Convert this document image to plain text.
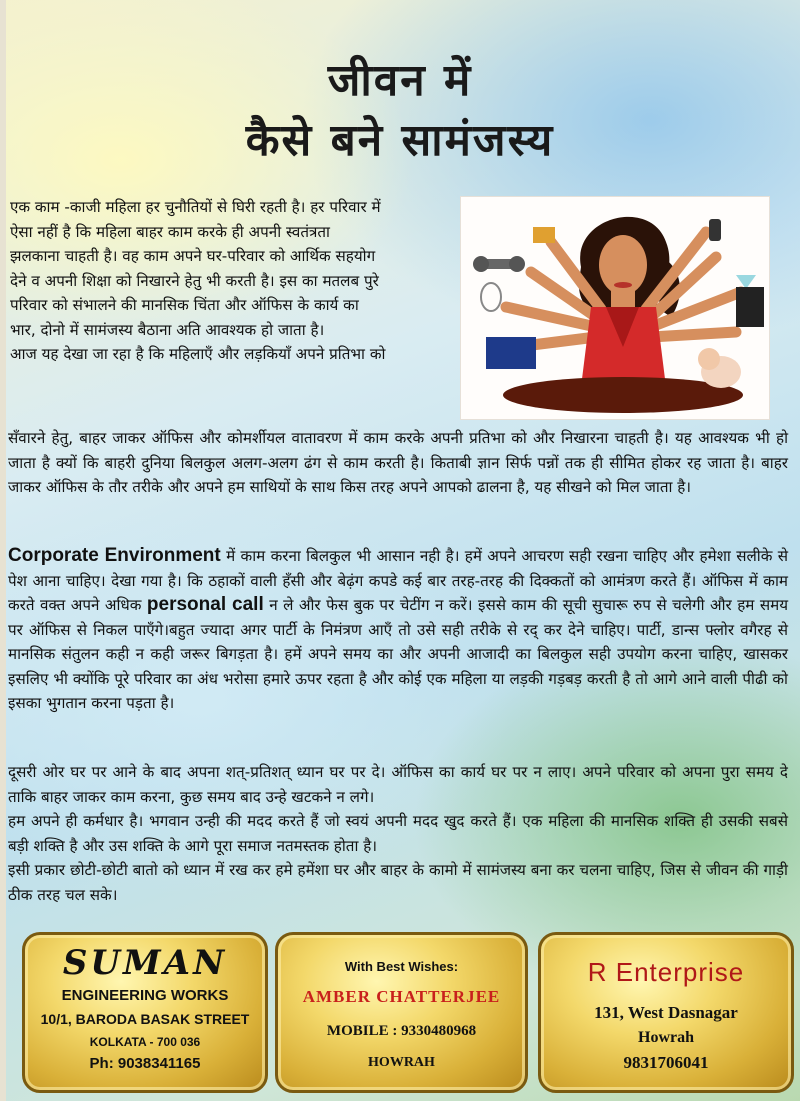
जीवन में
कैसे बने सामंजस्य
एक काम -काजी महिला हर चुनौतियों से घिरी रहती है। हर परिवार में
ऐसा नहीं है कि महिला बाहर काम करके ही अपनी स्वतंत्रता
झलकाना चाहती है। वह काम अपने घर-परिवार को आर्थिक सहयोग
देने व अपनी शिक्षा को निखारने हेतु भी करती है। इस का मतलब पुरे
परिवार को संभालने की मानसिक चिंता और ऑफिस के कार्य का
भार, दोनो में सामंजस्य बैठाना अति आवश्यक हो जाता है।
आज यह देखा जा रहा है कि महिलाएँ और लड़कियाँ अपने प्रतिभा को
सँवारने हेतु, बाहर जाकर ऑफिस और कोमर्शीयल वातावरण में काम करके अपनी प्रतिभा को और निखारना चाहती है। यह आवश्यक भी हो जाता है क्यों कि बाहरी दुनिया बिलकुल अलग-अलग ढंग से काम करती है। किताबी ज्ञान सिर्फ पन्नों तक ही सीमित होकर रह जाता है। बाहर जाकर ऑफिस के तौर तरीके और अपने हम साथियों के साथ किस तरह अपने आपको ढालना है, यह सीखने को मिल जाता है।
Corporate Environment में काम करना बिलकुल भी आसान नही है। हमें अपने आचरण सही रखना चाहिए और हमेशा सलीके से पेश आना चाहिए। देखा गया है। कि ठहाकों वाली हँसी और बेढ़ंग कपडे कई बार तरह-तरह की दिक्कतों को आमंत्रण करते हैं। ऑफिस में काम करते वक्त अपने अधिक personal call न ले और फेस बुक पर चेटींग न करें। इससे काम की सूची सुचारू रुप से चलेगी और हम समय पर ऑफिस से निकल पाएँगे।बहुत ज्यादा अगर पार्टी के निमंत्रण आएँ तो उसे सही तरीके से रद् कर देने चाहिए। पार्टी, डान्स फ्लोर वगैरह से मानसिक संतुलन कही न कही जरूर बिगड़ता है। हमें अपने समय का और अपनी आजादी का बिलकुल सही उपयोग करना चाहिए, खासकर इसलिए भी क्योंकि पूरे परिवार का अंध भरोसा हमारे ऊपर रहता है और कोई एक महिला या लड़की गड़बड़ करती है तो आगे आने वाली पीढी को इसका भुगतान करना पड़ता है।
दूसरी ओर घर पर आने के बाद अपना शत्-प्रतिशत् ध्यान घर पर दे। ऑफिस का कार्य घर पर न लाए। अपने परिवार को अपना पुरा समय दे ताकि बाहर जाकर काम करना, कुछ समय बाद उन्हे खटकने न लगे।
हम अपने ही कर्मधार है। भगवान उन्ही की मदद करते हैं जो स्वयं अपनी मदद खुद करते हैं। एक महिला की मानसिक शक्ति ही उसकी सबसे बड़ी शक्ति है और उस शक्ति के आगे पूरा समाज नतमस्तक होता है।
इसी प्रकार छोटी-छोटी बातो को ध्यान में रख कर हमे हमेंशा घर और बाहर के कामो में सामंजस्य बना कर चलना चाहिए, जिस से जीवन की गाड़ी ठीक तरह चल सके।
SUMAN
ENGINEERING WORKS
10/1, BARODA BASAK STREET
KOLKATA - 700 036
Ph: 9038341165
With Best Wishes:
AMBER CHATTERJEE
MOBILE : 9330480968
HOWRAH
R Enterprise
131, West Dasnagar
Howrah
9831706041
